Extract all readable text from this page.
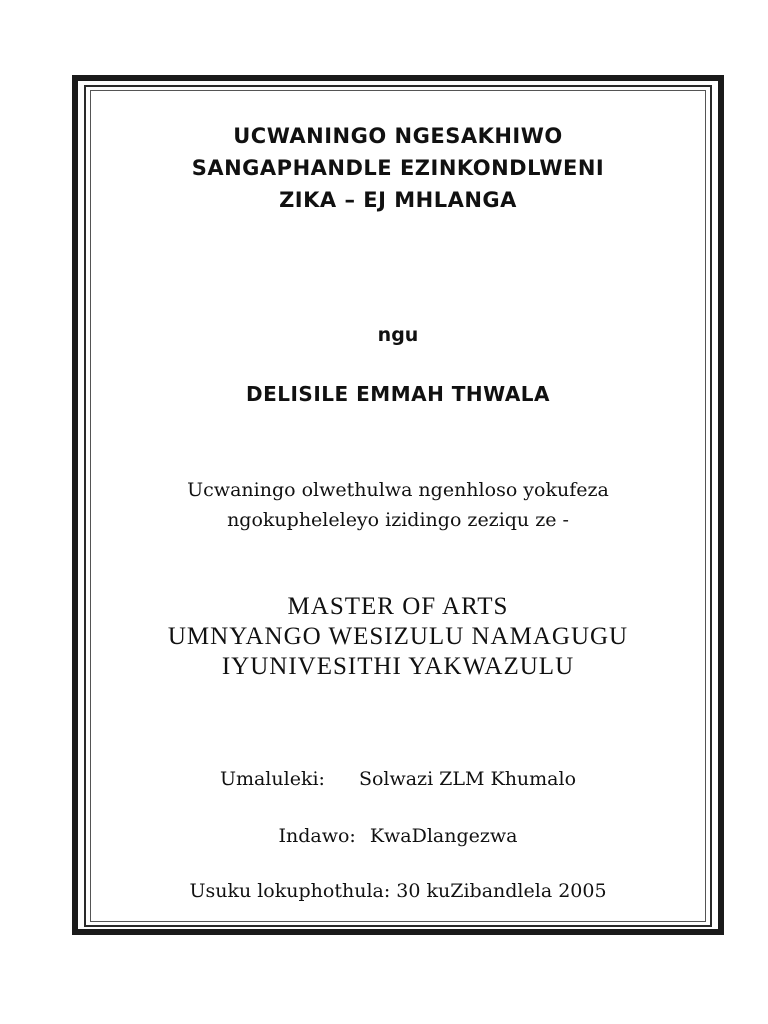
UCWANINGO NGESAKHIWO
SANGAPHANDLE EZINKONDLWENI
ZIKA – EJ MHLANGA
ngu
DELISILE EMMAH THWALA
Ucwaningo olwethulwa ngenhloso yokufeza
ngokupheleleyo izidingo zeziqu ze -
MASTER OF ARTS
UMNYANGO WESIZULU NAMAGUGU
IYUNIVESITHI YAKWAZULU
Umaluleki: Solwazi ZLM Khumalo
Indawo: KwaDlangezwa
Usuku lokuphothula: 30 kuZibandlela 2005
